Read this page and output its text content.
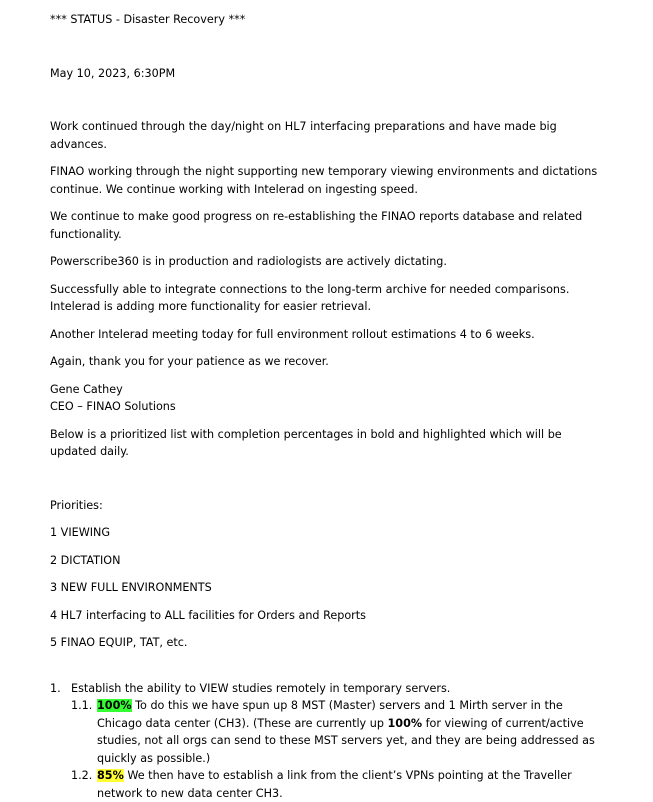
*** STATUS - Disaster Recovery ***

May 10, 2023, 6:30PM

Work continued through the day/night on HL7 interfacing preparations and have made big advances.

FINAO working through the night supporting new temporary viewing environments and dictations continue. We continue working with Intelerad on ingesting speed.

We continue to make good progress on re-establishing the FINAO reports database and related functionality.

Powerscribe360 is in production and radiologists are actively dictating.

Successfully able to integrate connections to the long-term archive for needed comparisons. Intelerad is adding more functionality for easier retrieval.

Another Intelerad meeting today for full environment rollout estimations 4 to 6 weeks.

Again, thank you for your patience as we recover.

Gene Cathey

CEO – FINAO Solutions

Below is a prioritized list with completion percentages in bold and highlighted which will be updated daily.

Priorities:

1 VIEWING

2 DICTATION

3 NEW FULL ENVIRONMENTS

4 HL7 interfacing to ALL facilities for Orders and Reports

5 FINAO EQUIP, TAT, etc.

1. Establish the ability to VIEW studies remotely in temporary servers.
1.1. 100% To do this we have spun up 8 MST (Master) servers and 1 Mirth server in the Chicago data center (CH3). (These are currently up 100% for viewing of current/active studies, not all orgs can send to these MST servers yet, and they are being addressed as quickly as possible.)
1.2. 85% We then have to establish a link from the client’s VPNs pointing at the Traveller network to new data center CH3.
